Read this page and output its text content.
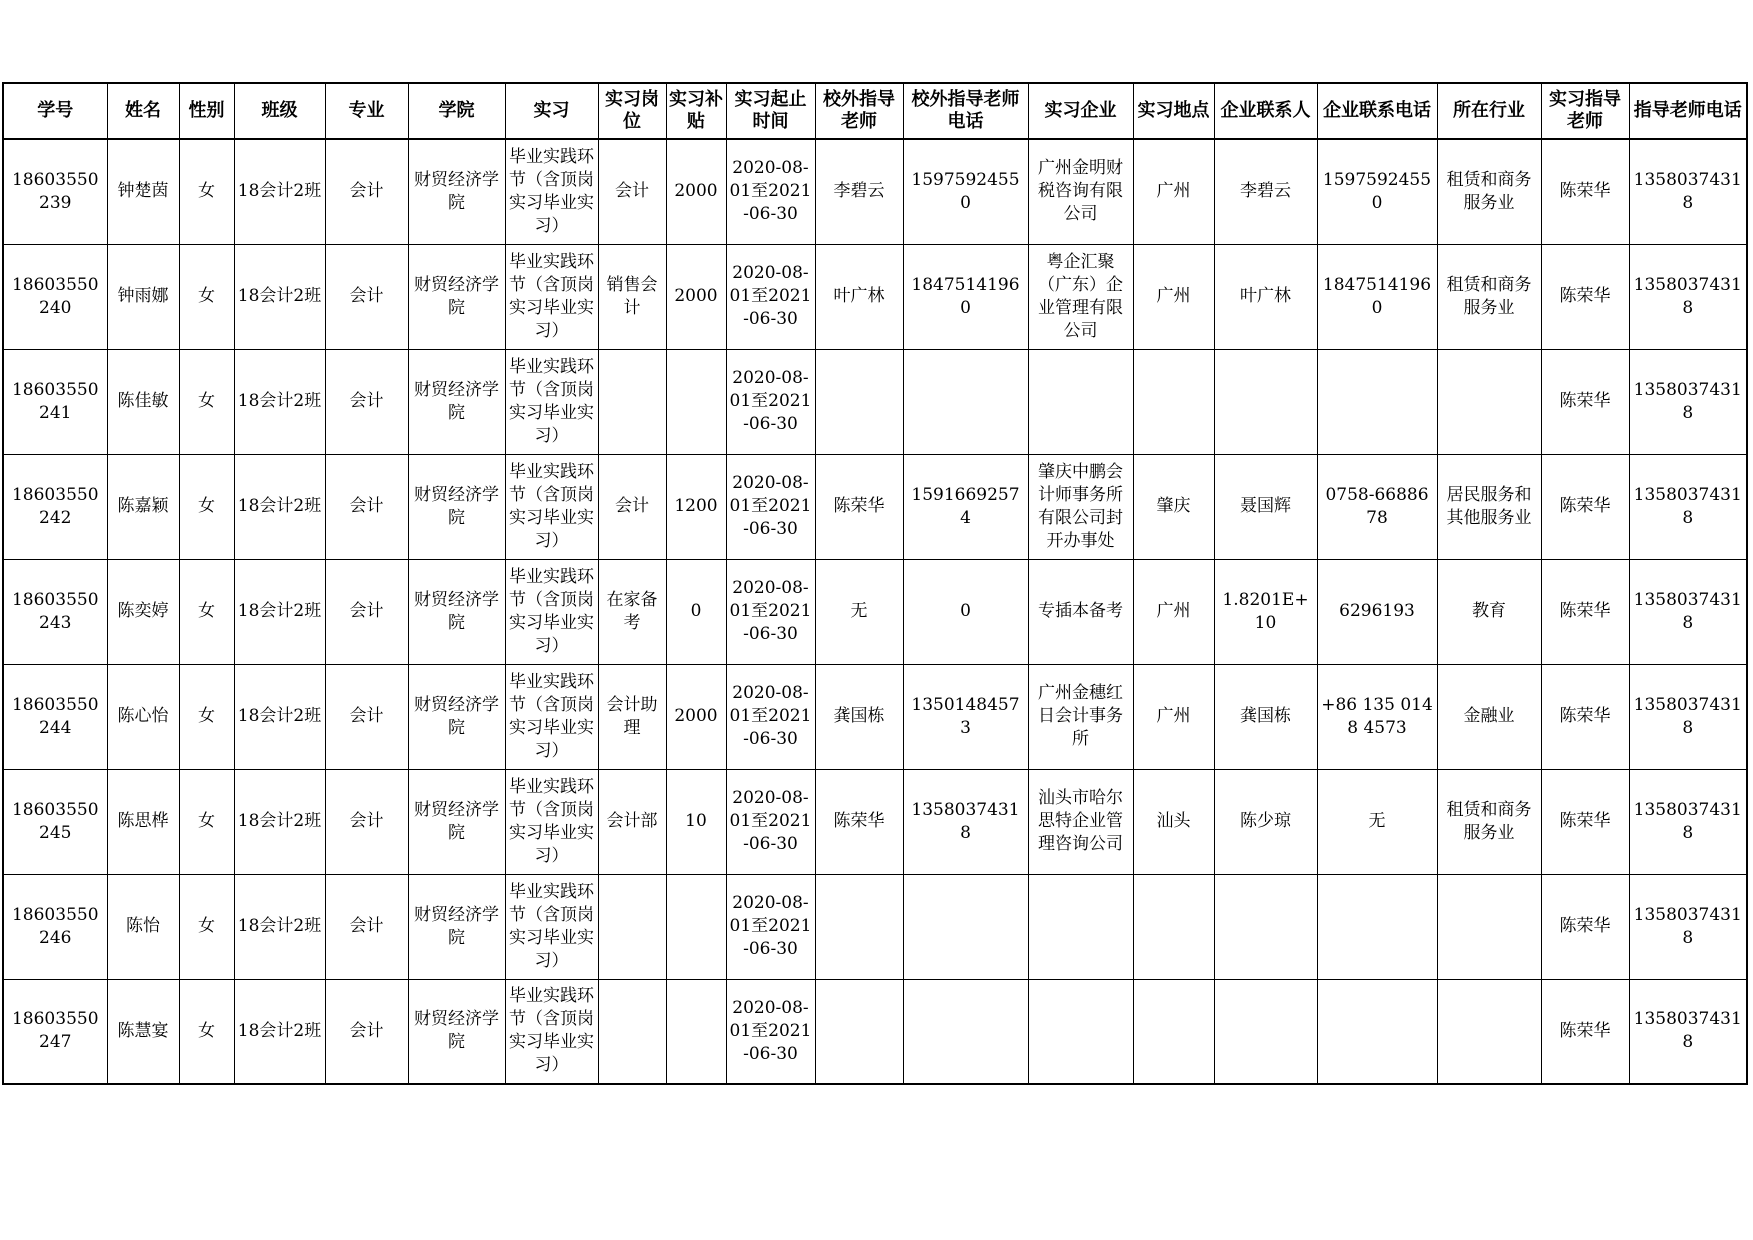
学号	姓名	性别	班级	专业	学院	实习	实习岗位	实习补贴	实习起止时间	校外指导老师	校外指导老师电话	实习企业	实习地点	企业联系人	企业联系电话	所在行业	实习指导老师	指导老师电话

18603550239	钟楚茵	女	18会计2班	会计	财贸经济学院	毕业实践环节（含顶岗实习毕业实习）	会计	2000	2020-08-01至2021-06-30	李碧云	15975924550	广州金明财税咨询有限公司	广州	李碧云	15975924550	租赁和商务服务业	陈荣华	13580374318

18603550240	钟雨娜	女	18会计2班	会计	财贸经济学院	毕业实践环节（含顶岗实习毕业实习）	销售会计	2000	2020-08-01至2021-06-30	叶广林	18475141960	粤企汇聚（广东）企业管理有限公司	广州	叶广林	18475141960	租赁和商务服务业	陈荣华	13580374318

18603550241	陈佳敏	女	18会计2班	会计	财贸经济学院	毕业实践环节（含顶岗实习毕业实习）			2020-08-01至2021-06-30								陈荣华	13580374318

18603550242	陈嘉颖	女	18会计2班	会计	财贸经济学院	毕业实践环节（含顶岗实习毕业实习）	会计	1200	2020-08-01至2021-06-30	陈荣华	15916692574	肇庆中鹏会计师事务所有限公司封开办事处	肇庆	聂国辉	0758-6688678	居民服务和其他服务业	陈荣华	13580374318

18603550243	陈奕婷	女	18会计2班	会计	财贸经济学院	毕业实践环节（含顶岗实习毕业实习）	在家备考	0	2020-08-01至2021-06-30	无	0	专插本备考	广州	1.8201E+10	6296193	教育	陈荣华	13580374318

18603550244	陈心怡	女	18会计2班	会计	财贸经济学院	毕业实践环节（含顶岗实习毕业实习）	会计助理	2000	2020-08-01至2021-06-30	龚国栋	13501484573	广州金穗红日会计事务所	广州	龚国栋	+86 135 0148 4573	金融业	陈荣华	13580374318

18603550245	陈思桦	女	18会计2班	会计	财贸经济学院	毕业实践环节（含顶岗实习毕业实习）	会计部	10	2020-08-01至2021-06-30	陈荣华	13580374318	汕头市哈尔思特企业管理咨询公司	汕头	陈少琼	无	租赁和商务服务业	陈荣华	13580374318

18603550246	陈怡	女	18会计2班	会计	财贸经济学院	毕业实践环节（含顶岗实习毕业实习）			2020-08-01至2021-06-30								陈荣华	13580374318

18603550247	陈慧宴	女	18会计2班	会计	财贸经济学院	毕业实践环节（含顶岗实习毕业实习）			2020-08-01至2021-06-30								陈荣华	13580374318
